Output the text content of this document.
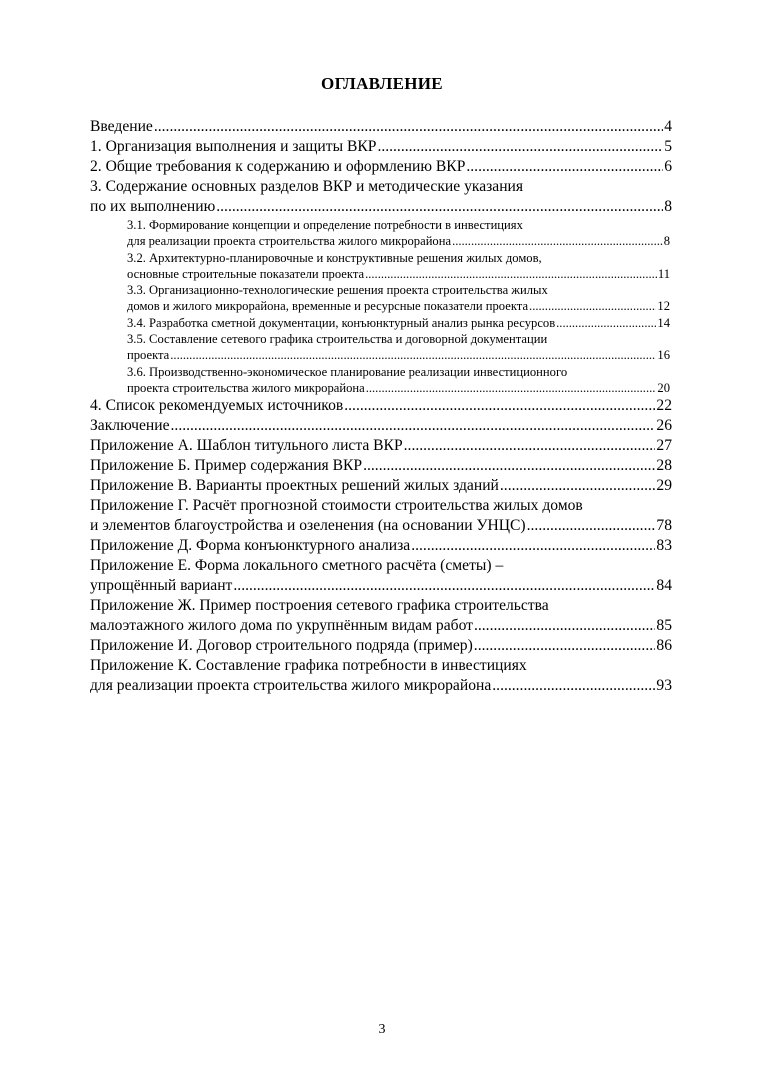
ОГЛАВЛЕНИЕ
Введение .....	4
1. Организация выполнения и защиты ВКР .....	5
2. Общие требования к содержанию и оформлению ВКР .....	6
3. Содержание основных разделов ВКР и методические указания
по их выполнению .....	8
3.1. Формирование концепции и определение потребности в инвестициях
для реализации проекта строительства жилого микрорайона .....	8
3.2. Архитектурно-планировочные и конструктивные решения жилых домов,
основные строительные показатели проекта .....	11
3.3. Организационно-технологические решения проекта строительства жилых
домов и жилого микрорайона, временные и ресурсные показатели проекта .....	12
3.4. Разработка сметной документации, конъюнктурный анализ рынка ресурсов .....	14
3.5. Составление сетевого графика строительства и договорной документации
проекта .....	16
3.6. Производственно-экономическое планирование реализации инвестиционного
проекта строительства жилого микрорайона .....	20
4. Список рекомендуемых источников .....	22
Заключение .....	26
Приложение А. Шаблон титульного листа ВКР .....	27
Приложение Б. Пример содержания ВКР .....	28
Приложение В. Варианты проектных решений жилых зданий .....	29
Приложение Г. Расчёт прогнозной стоимости строительства жилых домов
и элементов благоустройства и озеленения (на основании УНЦС) .....	78
Приложение Д. Форма конъюнктурного анализа .....	83
Приложение Е. Форма локального сметного расчёта (сметы) –
упрощённый вариант .....	84
Приложение Ж. Пример построения сетевого графика строительства
малоэтажного жилого дома по укрупнённым видам работ .....	85
Приложение И. Договор строительного подряда (пример) .....	86
Приложение К. Составление графика потребности в инвестициях
для реализации проекта строительства жилого микрорайона .....	93
3
